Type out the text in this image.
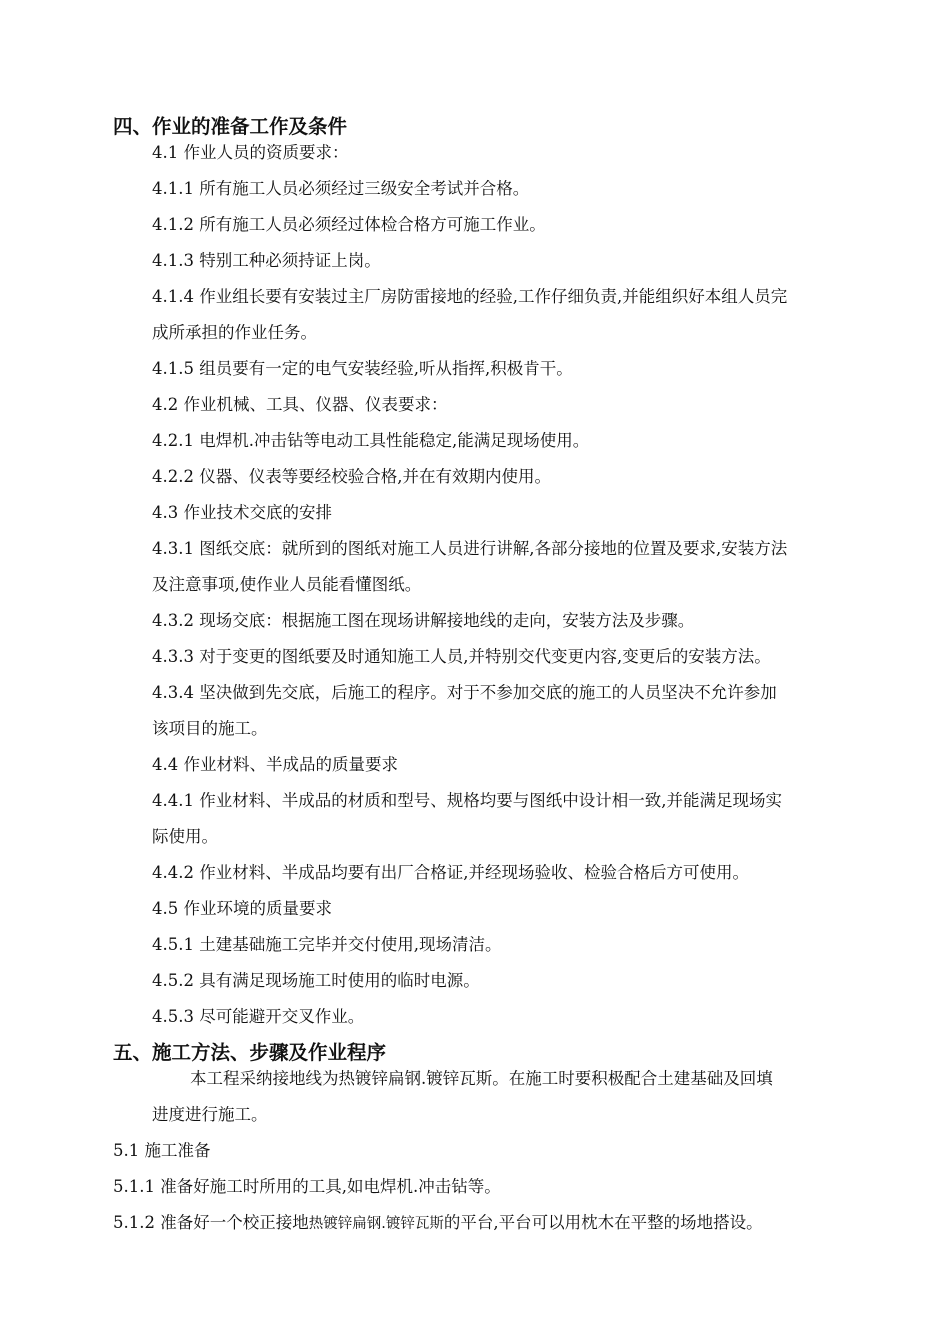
四、作业的准备工作及条件
4.1 作业人员的资质要求：
4.1.1 所有施工人员必须经过三级安全考试并合格。
4.1.2 所有施工人员必须经过体检合格方可施工作业。
4.1.3 特别工种必须持证上岗。
4.1.4 作业组长要有安装过主厂房防雷接地的经验,工作仔细负责,并能组织好本组人员完
成所承担的作业任务。
4.1.5 组员要有一定的电气安装经验,听从指挥,积极肯干。
4.2 作业机械、工具、仪器、仪表要求：
4.2.1 电焊机.冲击钻等电动工具性能稳定,能满足现场使用。
4.2.2 仪器、仪表等要经校验合格,并在有效期内使用。
4.3 作业技术交底的安排
4.3.1 图纸交底：就所到的图纸对施工人员进行讲解,各部分接地的位置及要求,安装方法
及注意事项,使作业人员能看懂图纸。
4.3.2 现场交底：根据施工图在现场讲解接地线的走向，安装方法及步骤。
4.3.3 对于变更的图纸要及时通知施工人员,并特别交代变更内容,变更后的安装方法。
4.3.4 坚决做到先交底，后施工的程序。对于不参加交底的施工的人员坚决不允许参加
该项目的施工。
4.4 作业材料、半成品的质量要求
4.4.1 作业材料、半成品的材质和型号、规格均要与图纸中设计相一致,并能满足现场实
际使用。
4.4.2 作业材料、半成品均要有出厂合格证,并经现场验收、检验合格后方可使用。
4.5 作业环境的质量要求
4.5.1 土建基础施工完毕并交付使用,现场清洁。
4.5.2 具有满足现场施工时使用的临时电源。
4.5.3 尽可能避开交叉作业。
五、施工方法、步骤及作业程序
本工程采纳接地线为热镀锌扁钢.镀锌瓦斯。在施工时要积极配合土建基础及回填
进度进行施工。
5.1 施工准备
5.1.1 准备好施工时所用的工具,如电焊机.冲击钻等。
5.1.2 准备好一个校正接地热镀锌扁钢.镀锌瓦斯的平台,平台可以用枕木在平整的场地搭设。
